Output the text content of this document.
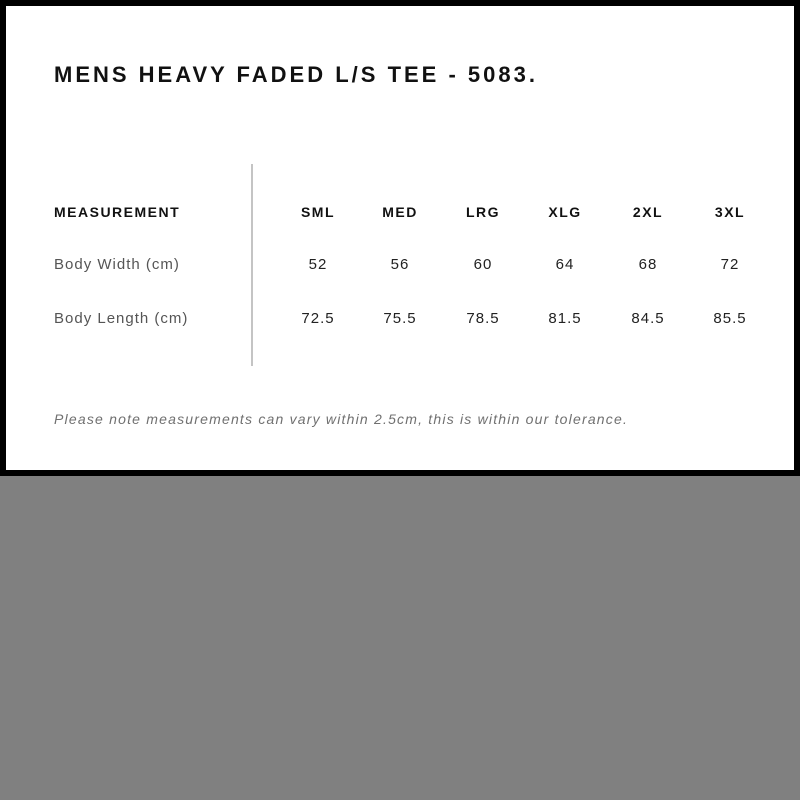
MENS HEAVY FADED L/S TEE - 5083.
MEASUREMENT	SML	MED	LRG	XLG	2XL	3XL
Body Width (cm)	52	56	60	64	68	72
Body Length (cm)	72.5	75.5	78.5	81.5	84.5	85.5
Please note measurements can vary within 2.5cm, this is within our tolerance.
